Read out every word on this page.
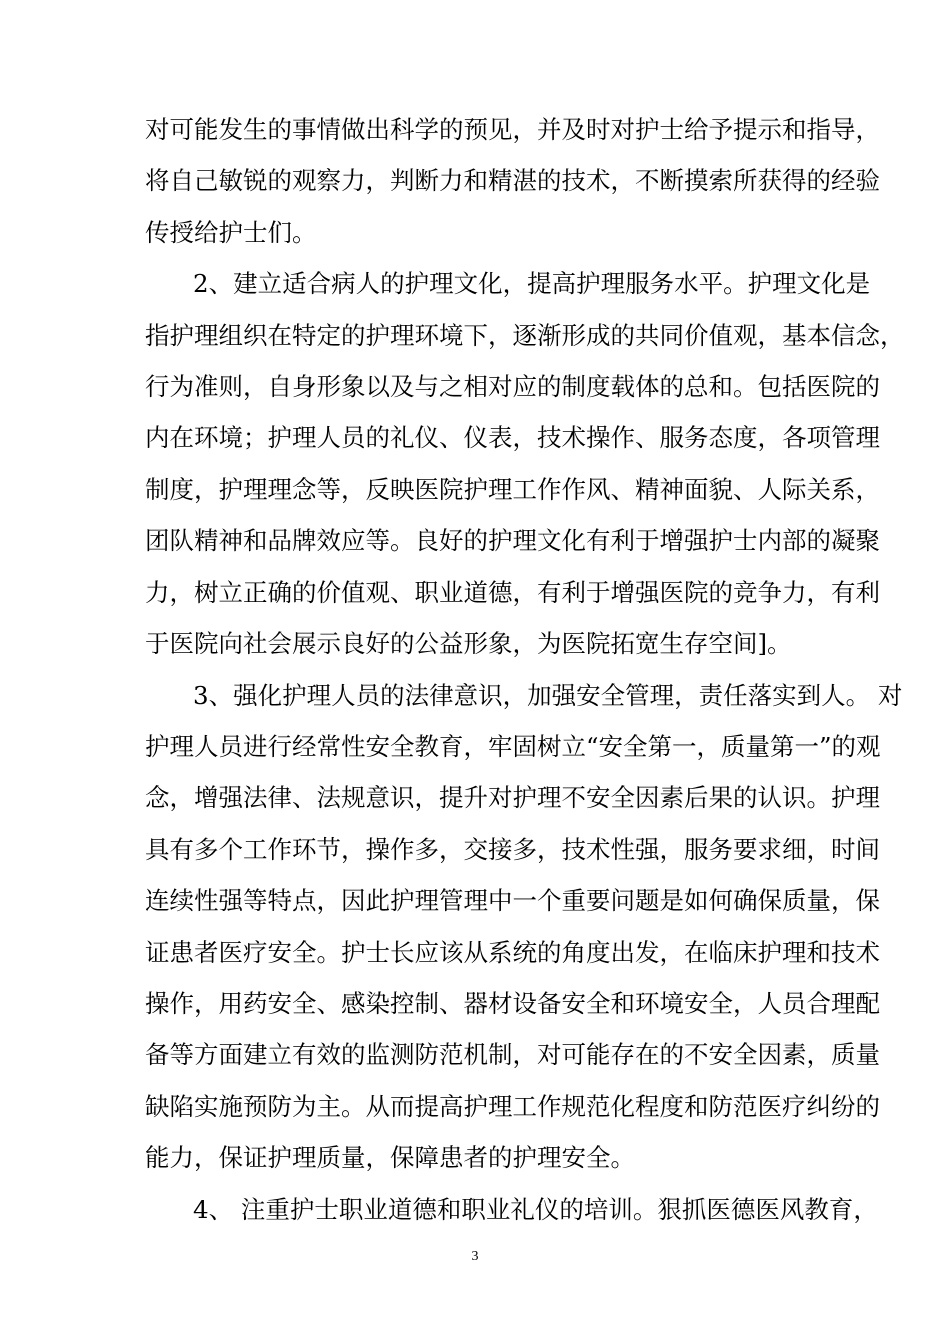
对可能发生的事情做出科学的预见，并及时对护士给予提示和指导，
将自己敏锐的观察力，判断力和精湛的技术，不断摸索所获得的经验
传授给护士们。
2、建立适合病人的护理文化，提高护理服务水平。护理文化是
指护理组织在特定的护理环境下，逐渐形成的共同价值观，基本信念，
行为准则，自身形象以及与之相对应的制度载体的总和。包括医院的
内在环境；护理人员的礼仪、仪表，技术操作、服务态度，各项管理
制度，护理理念等，反映医院护理工作作风、精神面貌、人际关系，
团队精神和品牌效应等。良好的护理文化有利于增强护士内部的凝聚
力，树立正确的价值观、职业道德，有利于增强医院的竞争力，有利
于医院向社会展示良好的公益形象，为医院拓宽生存空间]。
3、强化护理人员的法律意识，加强安全管理，责任落实到人。 对
护理人员进行经常性安全教育，牢固树立“安全第一，质量第一”的观
念，增强法律、法规意识，提升对护理不安全因素后果的认识。护理
具有多个工作环节，操作多，交接多，技术性强，服务要求细，时间
连续性强等特点，因此护理管理中一个重要问题是如何确保质量，保
证患者医疗安全。护士长应该从系统的角度出发，在临床护理和技术
操作，用药安全、感染控制、器材设备安全和环境安全，人员合理配
备等方面建立有效的监测防范机制，对可能存在的不安全因素，质量
缺陷实施预防为主。从而提高护理工作规范化程度和防范医疗纠纷的
能力，保证护理质量，保障患者的护理安全。
4、 注重护士职业道德和职业礼仪的培训。狠抓医德医风教育，
3
